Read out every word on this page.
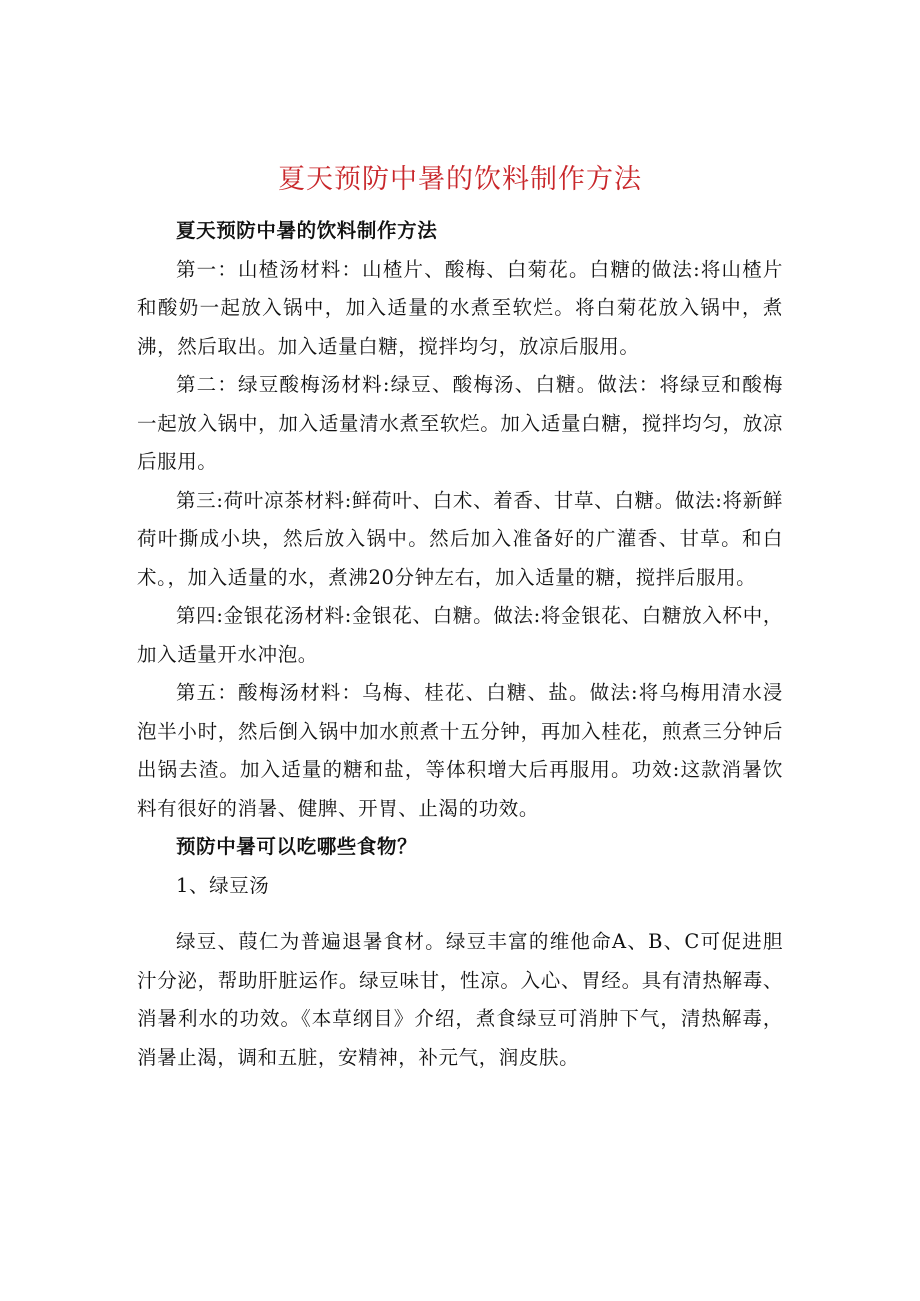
夏天预防中暑的饮料制作方法

夏天预防中暑的饮料制作方法

第一：山楂汤材料：山楂片、酸梅、白菊花。白糖的做法:将山楂片和酸奶一起放入锅中，加入适量的水煮至软烂。将白菊花放入锅中，煮沸，然后取出。加入适量白糖，搅拌均匀，放凉后服用。

第二：绿豆酸梅汤材料:绿豆、酸梅汤、白糖。做法：将绿豆和酸梅一起放入锅中，加入适量清水煮至软烂。加入适量白糖，搅拌均匀，放凉后服用。

第三:荷叶凉茶材料:鲜荷叶、白术、着香、甘草、白糖。做法:将新鲜荷叶撕成小块，然后放入锅中。然后加入准备好的广灌香、甘草。和白术。，加入适量的水，煮沸20分钟左右，加入适量的糖，搅拌后服用。

第四:金银花汤材料:金银花、白糖。做法:将金银花、白糖放入杯中，加入适量开水冲泡。

第五：酸梅汤材料：乌梅、桂花、白糖、盐。做法:将乌梅用清水浸泡半小时，然后倒入锅中加水煎煮十五分钟，再加入桂花，煎煮三分钟后出锅去渣。加入适量的糖和盐，等体积增大后再服用。功效:这款消暑饮料有很好的消暑、健脾、开胃、止渴的功效。

预防中暑可以吃哪些食物？

1、绿豆汤

绿豆、葭仁为普遍退暑食材。绿豆丰富的维他命A、B、C可促进胆汁分泌，帮助肝脏运作。绿豆味甘，性凉。入心、胃经。具有清热解毒、消暑利水的功效。《本草纲目》介绍，煮食绿豆可消肿下气，清热解毒，消暑止渴，调和五脏，安精神，补元气，润皮肤。
